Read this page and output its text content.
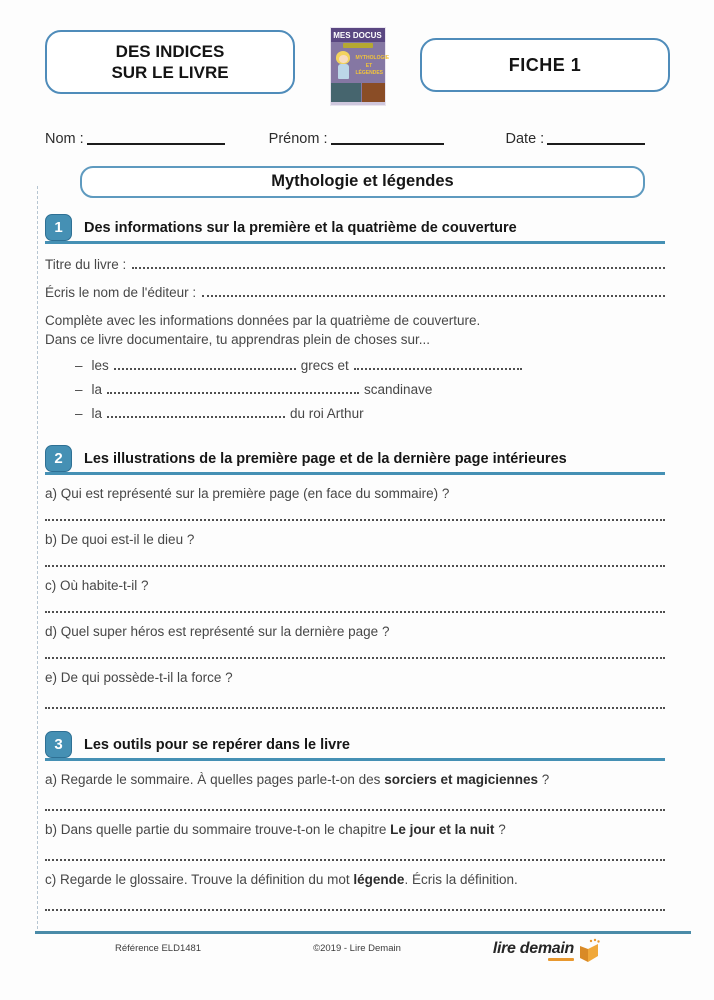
DES INDICES
SUR LE LIVRE
MES DOCUS
MYTHOLOGIE
ET
LÉGENDES	FICHE 1
Nom :	Prénom :	Date :
Mythologie et légendes
1	Des informations sur la première et la quatrième de couverture
Titre du livre :
Écris le nom de l'éditeur :
Complète avec les informations données par la quatrième de couverture.
Dans ce livre documentaire, tu apprendras plein de choses sur...
– les	grecs et
– la	scandinave
– la	du roi Arthur
2	Les illustrations de la première page et de la dernière page intérieures
a) Qui est représenté sur la première page (en face du sommaire) ?
b) De quoi est-il le dieu ?
c) Où habite-t-il ?
d) Quel super héros est représenté sur la dernière page ?
e) De qui possède-t-il la force ?
3	Les outils pour se repérer dans le livre
a) Regarde le sommaire. À quelles pages parle-t-on des sorciers et magiciennes ?
b) Dans quelle partie du sommaire trouve-t-on le chapitre Le jour et la nuit ?
c) Regarde le glossaire. Trouve la définition du mot légende. Écris la définition.
Référence ELD1481	©2019 - Lire Demain	lire demain
